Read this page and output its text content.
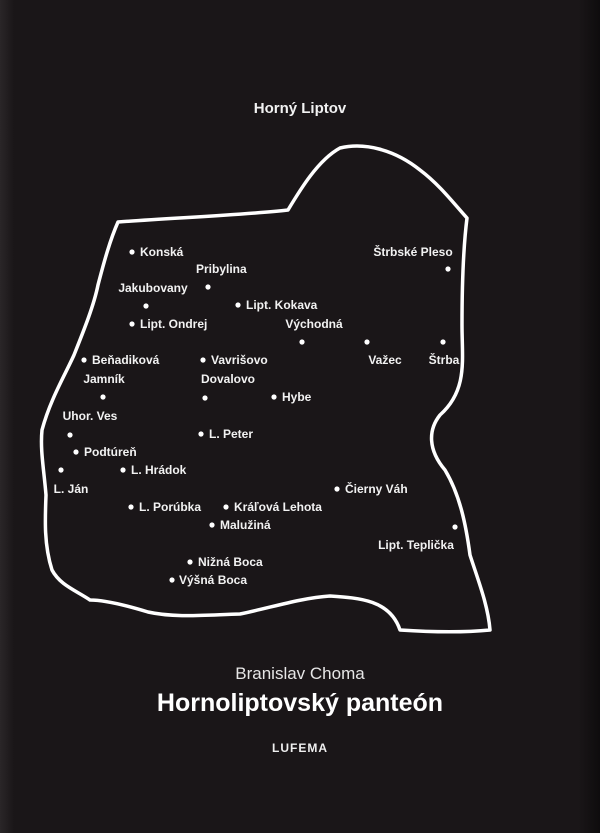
Horný Liptov
Konská
Pribylina
Štrbské Pleso
Jakubovany
Lipt. Kokava
Lipt. Ondrej	Východná
Beňadiková	Vavrišovo	Važec Štrba
Jamník	Dovalovo
Hybe
Uhor. Ves
L. Peter
Podtúreň
L. Hrádok
L. Ján	Čierny Váh
L. Porúbka	Kráľová Lehota
Malužiná
Lipt. Teplička
Nižná Boca
Výšná Boca
Branislav Choma
Hornoliptovský panteón
LUFEMA
